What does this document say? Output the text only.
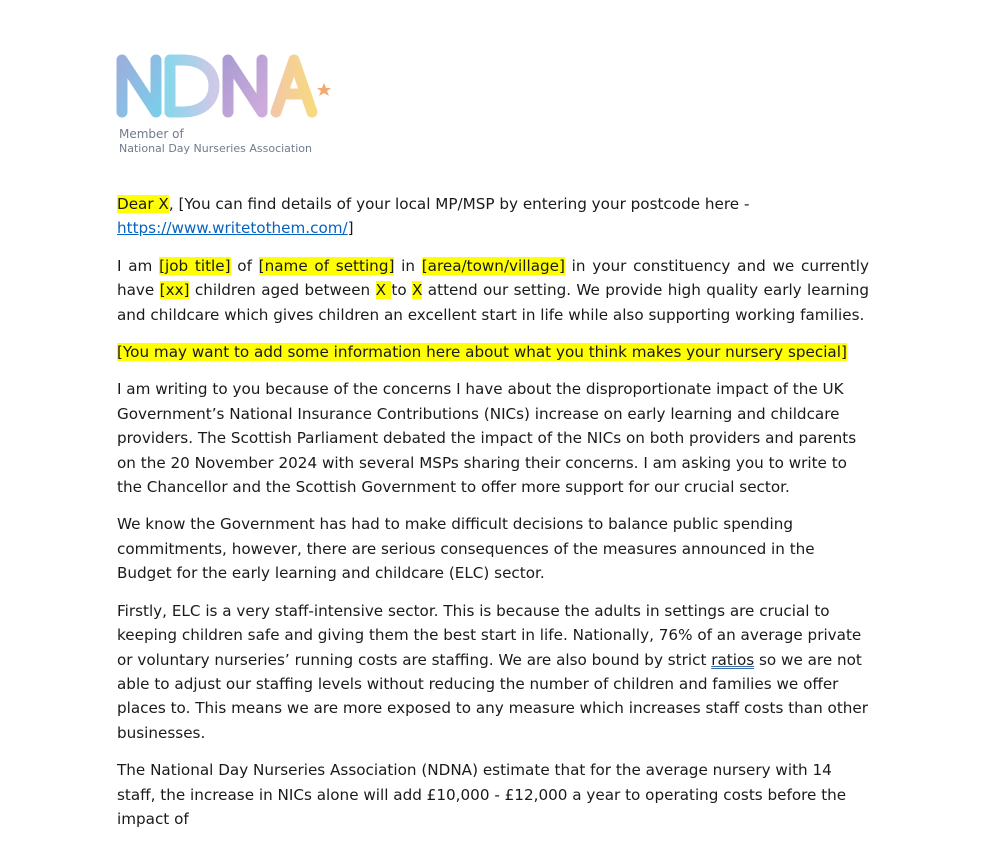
Member of
National Day Nurseries Association

Dear X, [You can find details of your local MP/MSP by entering your postcode here - https://www.writetothem.com/]

I am [job title] of [name of setting] in [area/town/village] in your constituency and we currently have [xx] children aged between X to X attend our setting. We provide high quality early learning and childcare which gives children an excellent start in life while also supporting working families.

[You may want to add some information here about what you think makes your nursery special]

I am writing to you because of the concerns I have about the disproportionate impact of the UK Government’s National Insurance Contributions (NICs) increase on early learning and childcare providers. The Scottish Parliament debated the impact of the NICs on both providers and parents on the 20 November 2024 with several MSPs sharing their concerns. I am asking you to write to the Chancellor and the Scottish Government to offer more support for our crucial sector.

We know the Government has had to make difficult decisions to balance public spending commitments, however, there are serious consequences of the measures announced in the Budget for the early learning and childcare (ELC) sector.

Firstly, ELC is a very staff-intensive sector. This is because the adults in settings are crucial to keeping children safe and giving them the best start in life. Nationally, 76% of an average private or voluntary nurseries’ running costs are staffing. We are also bound by strict ratios so we are not able to adjust our staffing levels without reducing the number of children and families we offer places to. This means we are more exposed to any measure which increases staff costs than other businesses.

The National Day Nurseries Association (NDNA) estimate that for the average nursery with 14 staff, the increase in NICs alone will add £10,000 - £12,000 a year to operating costs before the impact of
